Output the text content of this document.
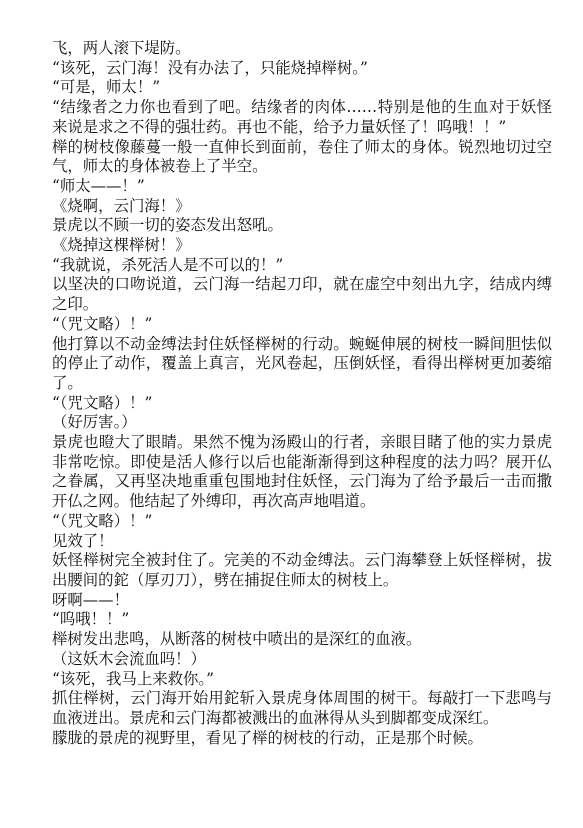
飞，两人滚下堤防。

“该死，云门海！没有办法了，只能烧掉榉树。”

“可是，师太！”

“结缘者之力你也看到了吧。结缘者的肉体……特别是他的生血对于妖怪来说是求之不得的强壮药。再也不能，给予力量妖怪了！呜哦！！”

榉的树枝像藤蔓一般一直伸长到面前，卷住了师太的身体。锐烈地切过空气，师太的身体被卷上了半空。

“师太——！”

《烧啊，云门海！》

景虎以不顾一切的姿态发出怒吼。

《烧掉这棵榉树！》

“我就说，杀死活人是不可以的！”

以坚决的口吻说道，云门海一结起刀印，就在虚空中刻出九字，结成内缚之印。

“（咒文略）！”

他打算以不动金缚法封住妖怪榉树的行动。蜿蜒伸展的树枝一瞬间胆怯似的停止了动作，覆盖上真言，光风卷起，压倒妖怪，看得出榉树更加萎缩了。

“（咒文略）！”

（好厉害。）

景虎也瞪大了眼睛。果然不愧为汤殿山的行者，亲眼目睹了他的实力景虎非常吃惊。即使是活人修行以后也能渐渐得到这种程度的法力吗？展开仏之眷属，又再坚决地重重包围地封住妖怪，云门海为了给予最后一击而撒开仏之网。他结起了外缚印，再次高声地唱道。

“（咒文略）！”

见效了！

妖怪榉树完全被封住了。完美的不动金缚法。云门海攀登上妖怪榉树，拔出腰间的鉈（厚刃刀），劈在捕捉住师太的树枝上。

呀啊——！

“呜哦！！”

榉树发出悲鸣，从断落的树枝中喷出的是深红的血液。

（这妖木会流血吗！）

“该死，我马上来救你。”

抓住榉树，云门海开始用鉈斩入景虎身体周围的树干。每敲打一下悲鸣与血液迸出。景虎和云门海都被溅出的血淋得从头到脚都变成深红。

朦胧的景虎的视野里，看见了榉的树枝的行动，正是那个时候。
